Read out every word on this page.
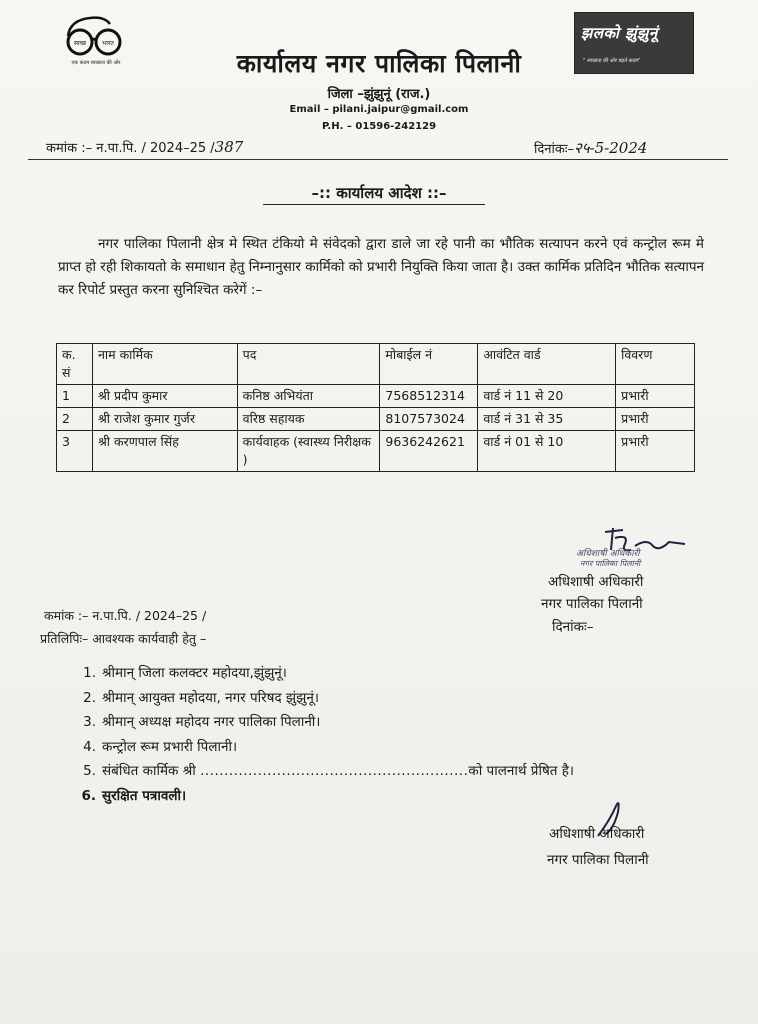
स्वच्छ	भारत
एक कदम स्वच्छता की ओर
झलको झुंझुनूं
" स्वच्छता की ओर बढ़ते कदम"
कार्यालय नगर पालिका पिलानी
जिला –झुंझुनूं (राज.)
Email – pilani.jaipur@gmail.com
P.H. – 01596-242129
कमांक :– न.पा.पि. / 2024–25 /387	दिनांकः–२५-5-2024
–:: कार्यालय आदेश ::–
नगर पालिका पिलानी क्षेत्र मे स्थित टंकियो मे संवेदको द्वारा डाले जा रहे पानी का भौतिक सत्यापन करने एवं कन्ट्रोल रूम मे प्राप्त हो रही शिकायतो के समाधान हेतु निम्नानुसार कार्मिको को प्रभारी नियुक्ति किया जाता है। उक्त कार्मिक प्रतिदिन भौतिक सत्यापन कर रिपोर्ट प्रस्तुत करना सुनिश्चित करेगें :–
क. सं	नाम कार्मिक	पद	मोबाईल नं	आवंटित वार्ड	विवरण
1	श्री प्रदीप कुमार	कनिष्ठ अभियंता	7568512314	वार्ड नं 11 से 20	प्रभारी
2	श्री राजेश कुमार गुर्जर	वरिष्ठ सहायक	8107573024	वार्ड नं 31 से 35	प्रभारी
3	श्री करणपाल सिंह	कार्यवाहक (स्वास्थ्य निरीक्षक )	9636242621	वार्ड नं 01 से 10	प्रभारी
अधिशाषी अधिकारी
नगर पालिका पिलानी
अधिशाषी अधिकारी
नगर पालिका पिलानी
दिनांकः–
कमांक :– न.पा.पि. / 2024–25 /
प्रतिलिपिः– आवश्यक कार्यवाही हेतु –
1. श्रीमान् जिला कलक्टर महोदया,झुंझुनूं।
2. श्रीमान् आयुक्त महोदया, नगर परिषद झुंझुनूं।
3. श्रीमान् अध्यक्ष महोदय नगर पालिका पिलानी।
4. कन्ट्रोल रूम प्रभारी पिलानी।
5. संबंधित कार्मिक श्री ........................................................को पालनार्थ प्रेषित है।
6. सुरक्षित पत्रावली।
अधिशाषी अधिकारी
नगर पालिका पिलानी
